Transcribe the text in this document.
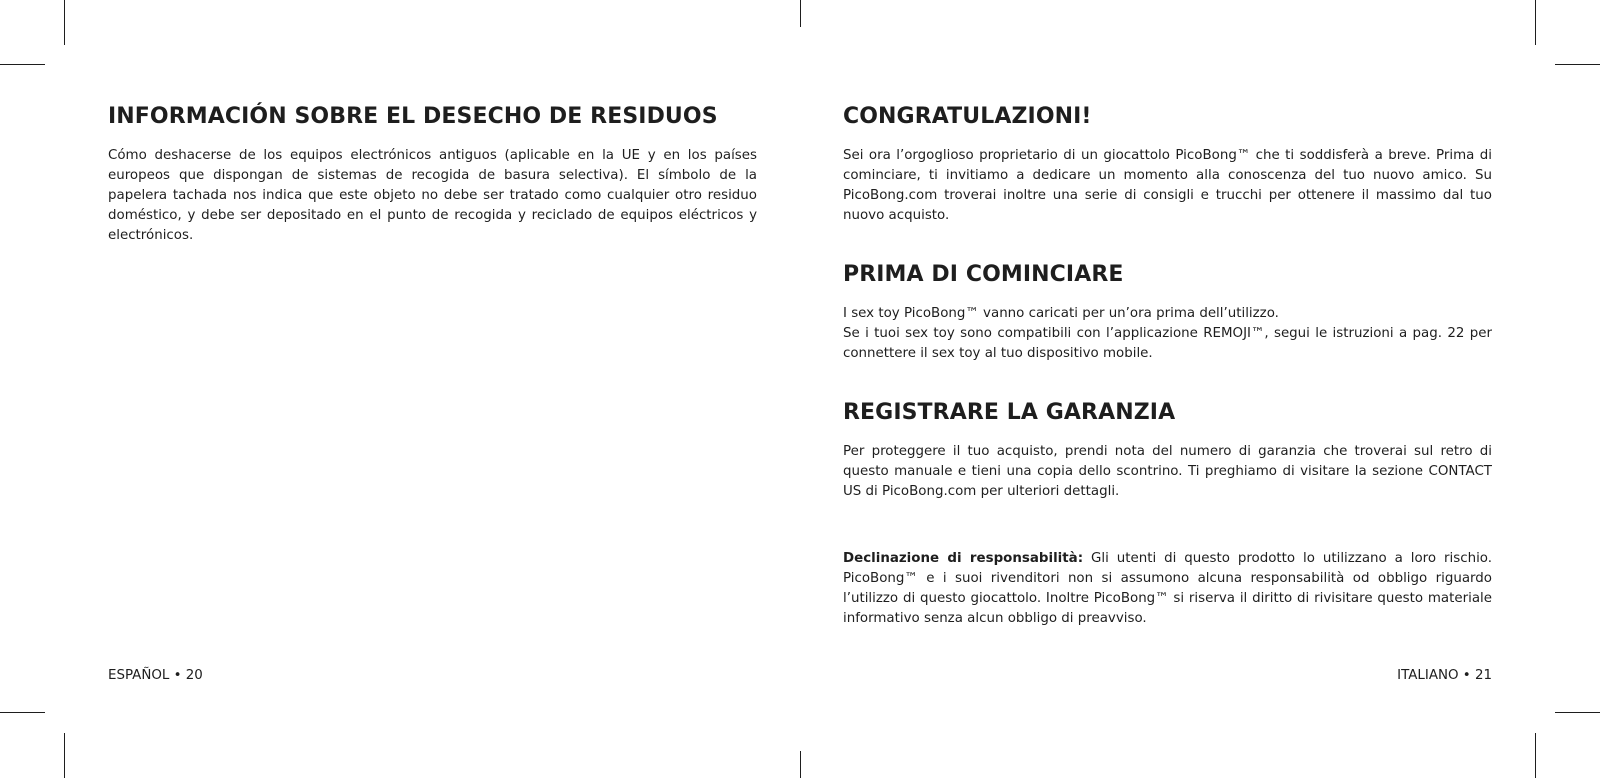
INFORMACIÓN SOBRE EL DESECHO DE RESIDUOS

Cómo deshacerse de los equipos electrónicos antiguos (aplicable en la UE y en los países europeos que dispongan de sistemas de recogida de basura selectiva). El símbolo de la papelera tachada nos indica que este objeto no debe ser tratado como cualquier otro residuo doméstico, y debe ser depositado en el punto de recogida y reciclado de equipos eléctricos y electrónicos.

ESPAÑOL • 20
CONGRATULAZIONI!

Sei ora l’orgoglioso proprietario di un giocattolo PicoBong™ che ti soddisferà a breve. Prima di cominciare, ti invitiamo a dedicare un momento alla conoscenza del tuo nuovo amico. Su PicoBong.com troverai inoltre una serie di consigli e trucchi per ottenere il massimo dal tuo nuovo acquisto.

PRIMA DI COMINCIARE

I sex toy PicoBong™ vanno caricati per un’ora prima dell’utilizzo.

Se i tuoi sex toy sono compatibili con l’applicazione REMOJI™, segui le istruzioni a pag. 22 per connettere il sex toy al tuo dispositivo mobile.

REGISTRARE LA GARANZIA

Per proteggere il tuo acquisto, prendi nota del numero di garanzia che troverai sul retro di questo manuale e tieni una copia dello scontrino. Ti preghiamo di visitare la sezione CONTACT US di PicoBong.com per ulteriori dettagli.

Declinazione di responsabilità: Gli utenti di questo prodotto lo utilizzano a loro rischio. PicoBong™ e i suoi rivenditori non si assumono alcuna responsabilità od obbligo riguardo l’utilizzo di questo giocattolo. Inoltre PicoBong™ si riserva il diritto di rivisitare questo materiale informativo senza alcun obbligo di preavviso.

ITALIANO • 21
